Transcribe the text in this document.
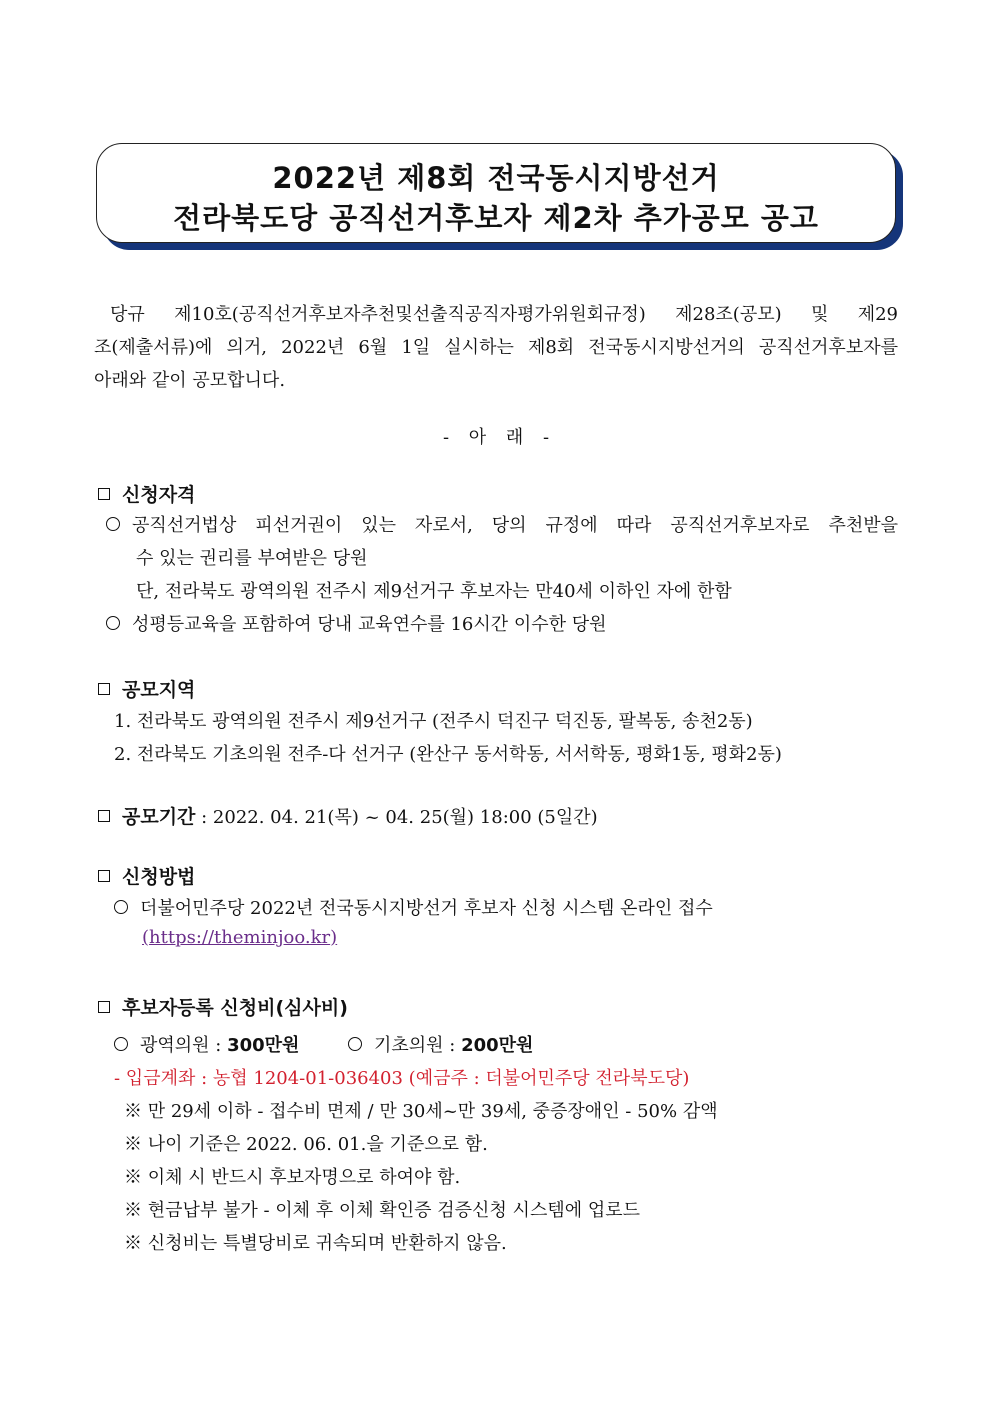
2022년 제8회 전국동시지방선거
전라북도당 공직선거후보자 제2차 추가공모 공고
당규 제10호(공직선거후보자추천및선출직공직자평가위원회규정) 제28조(공모) 및 제29
조(제출서류)에 의거, 2022년 6월 1일 실시하는 제8회 전국동시지방선거의 공직선거후보자를
아래와 같이 공모합니다.
- 아 래 -
신청자격
공직선거법상 피선거권이 있는 자로서, 당의 규정에 따라 공직선거후보자로 추천받을
수 있는 권리를 부여받은 당원
단, 전라북도 광역의원 전주시 제9선거구 후보자는 만40세 이하인 자에 한함
성평등교육을 포함하여 당내 교육연수를 16시간 이수한 당원
공모지역
1. 전라북도 광역의원 전주시 제9선거구 (전주시 덕진구 덕진동, 팔복동, 송천2동)
2. 전라북도 기초의원 전주-다 선거구 (완산구 동서학동, 서서학동, 평화1동, 평화2동)
공모기간 : 2022. 04. 21(목) ~ 04. 25(월) 18:00 (5일간)
신청방법
더불어민주당 2022년 전국동시지방선거 후보자 신청 시스템 온라인 접수
(https://theminjoo.kr)
후보자등록 신청비(심사비)
광역의원 : 300만원	기초의원 : 200만원
- 입금계좌 : 농협 1204-01-036403 (예금주 : 더불어민주당 전라북도당)
※ 만 29세 이하 - 접수비 면제 / 만 30세~만 39세, 중증장애인 - 50% 감액
※ 나이 기준은 2022. 06. 01.을 기준으로 함.
※ 이체 시 반드시 후보자명으로 하여야 함.
※ 현금납부 불가 - 이체 후 이체 확인증 검증신청 시스템에 업로드
※ 신청비는 특별당비로 귀속되며 반환하지 않음.
